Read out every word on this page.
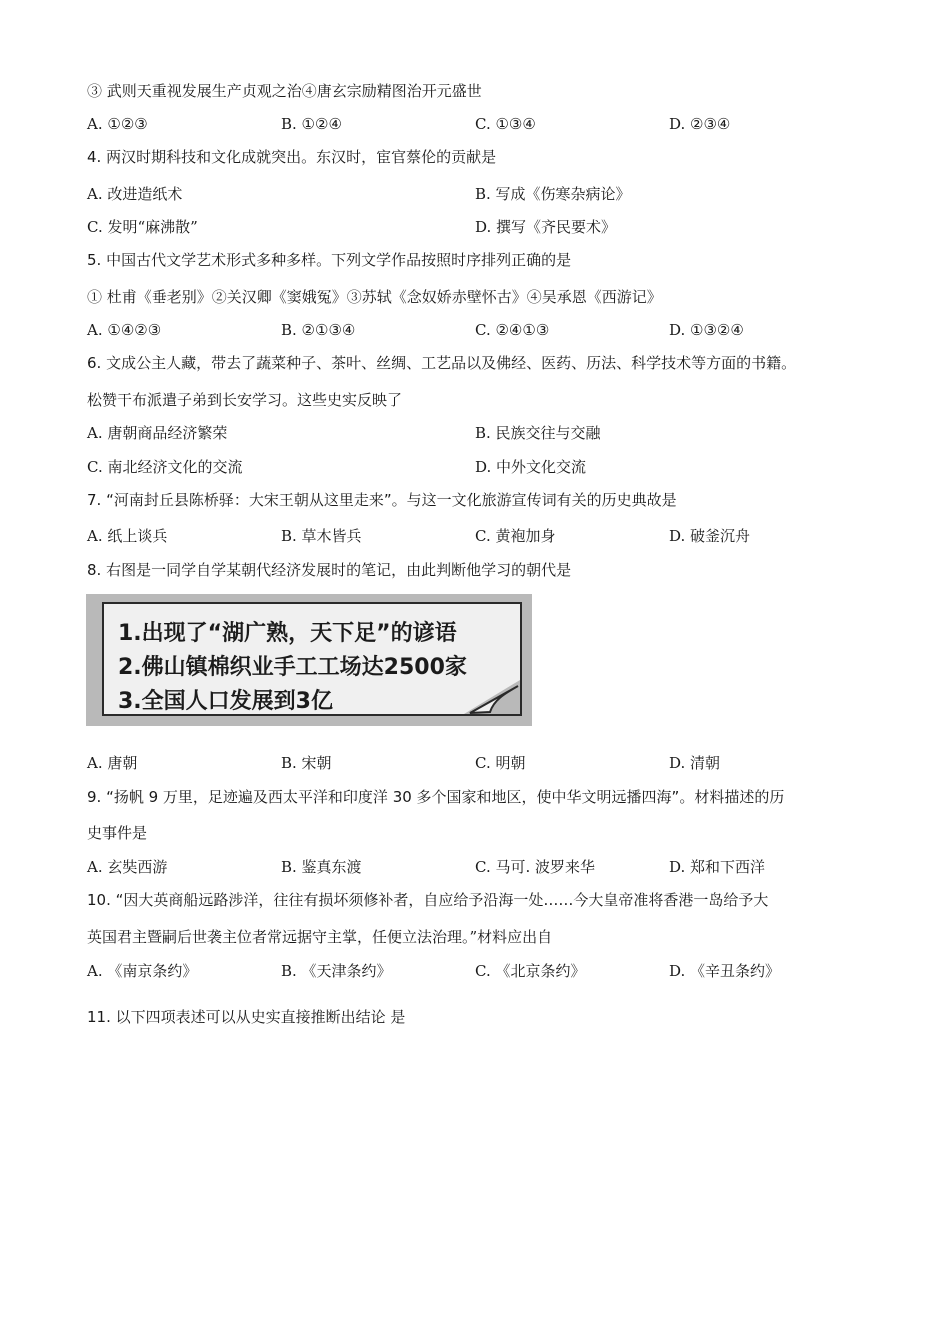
③ 武则天重视发展生产贞观之治④唐玄宗励精图治开元盛世
A. ①②③	B. ①②④	C. ①③④	D. ②③④
4. 两汉时期科技和文化成就突出。东汉时，宦官蔡伦的贡献是
A. 改进造纸术	B. 写成《伤寒杂病论》
C. 发明“麻沸散”	D. 撰写《齐民要术》
5. 中国古代文学艺术形式多种多样。下列文学作品按照时序排列正确的是
① 杜甫《垂老别》②关汉卿《窦娥冤》③苏轼《念奴娇赤壁怀古》④吴承恩《西游记》
A. ①④②③	B. ②①③④	C. ②④①③	D. ①③②④
6. 文成公主人藏，带去了蔬菜种子、茶叶、丝绸、工艺品以及佛经、医药、历法、科学技术等方面的书籍。
松赞干布派遣子弟到长安学习。这些史实反映了
A. 唐朝商品经济繁荣	B. 民族交往与交融
C. 南北经济文化的交流	D. 中外文化交流
7. “河南封丘县陈桥驿：大宋王朝从这里走来”。与这一文化旅游宣传词有关的历史典故是
A. 纸上谈兵	B. 草木皆兵	C. 黄袍加身	D. 破釜沉舟
8. 右图是一同学自学某朝代经济发展时的笔记，由此判断他学习的朝代是
1.出现了“湖广熟，天下足”的谚语
2.佛山镇棉织业手工工场达2500家
3.全国人口发展到3亿
A. 唐朝	B. 宋朝	C. 明朝	D. 清朝
9. “扬帆 9 万里，足迹遍及西太平洋和印度洋 30 多个国家和地区，使中华文明远播四海”。材料描述的历
史事件是
A. 玄奘西游	B. 鉴真东渡	C. 马可. 波罗来华	D. 郑和下西洋
10. “因大英商船远路涉洋，往往有损坏须修补者，自应给予沿海一处……今大皇帝准将香港一岛给予大
英国君主暨嗣后世袭主位者常远据守主掌，任便立法治理。”材料应出自
A. 《南京条约》	B. 《天津条约》	C. 《北京条约》	D. 《辛丑条约》
11. 以下四项表述可以从史实直接推断出结论 是
